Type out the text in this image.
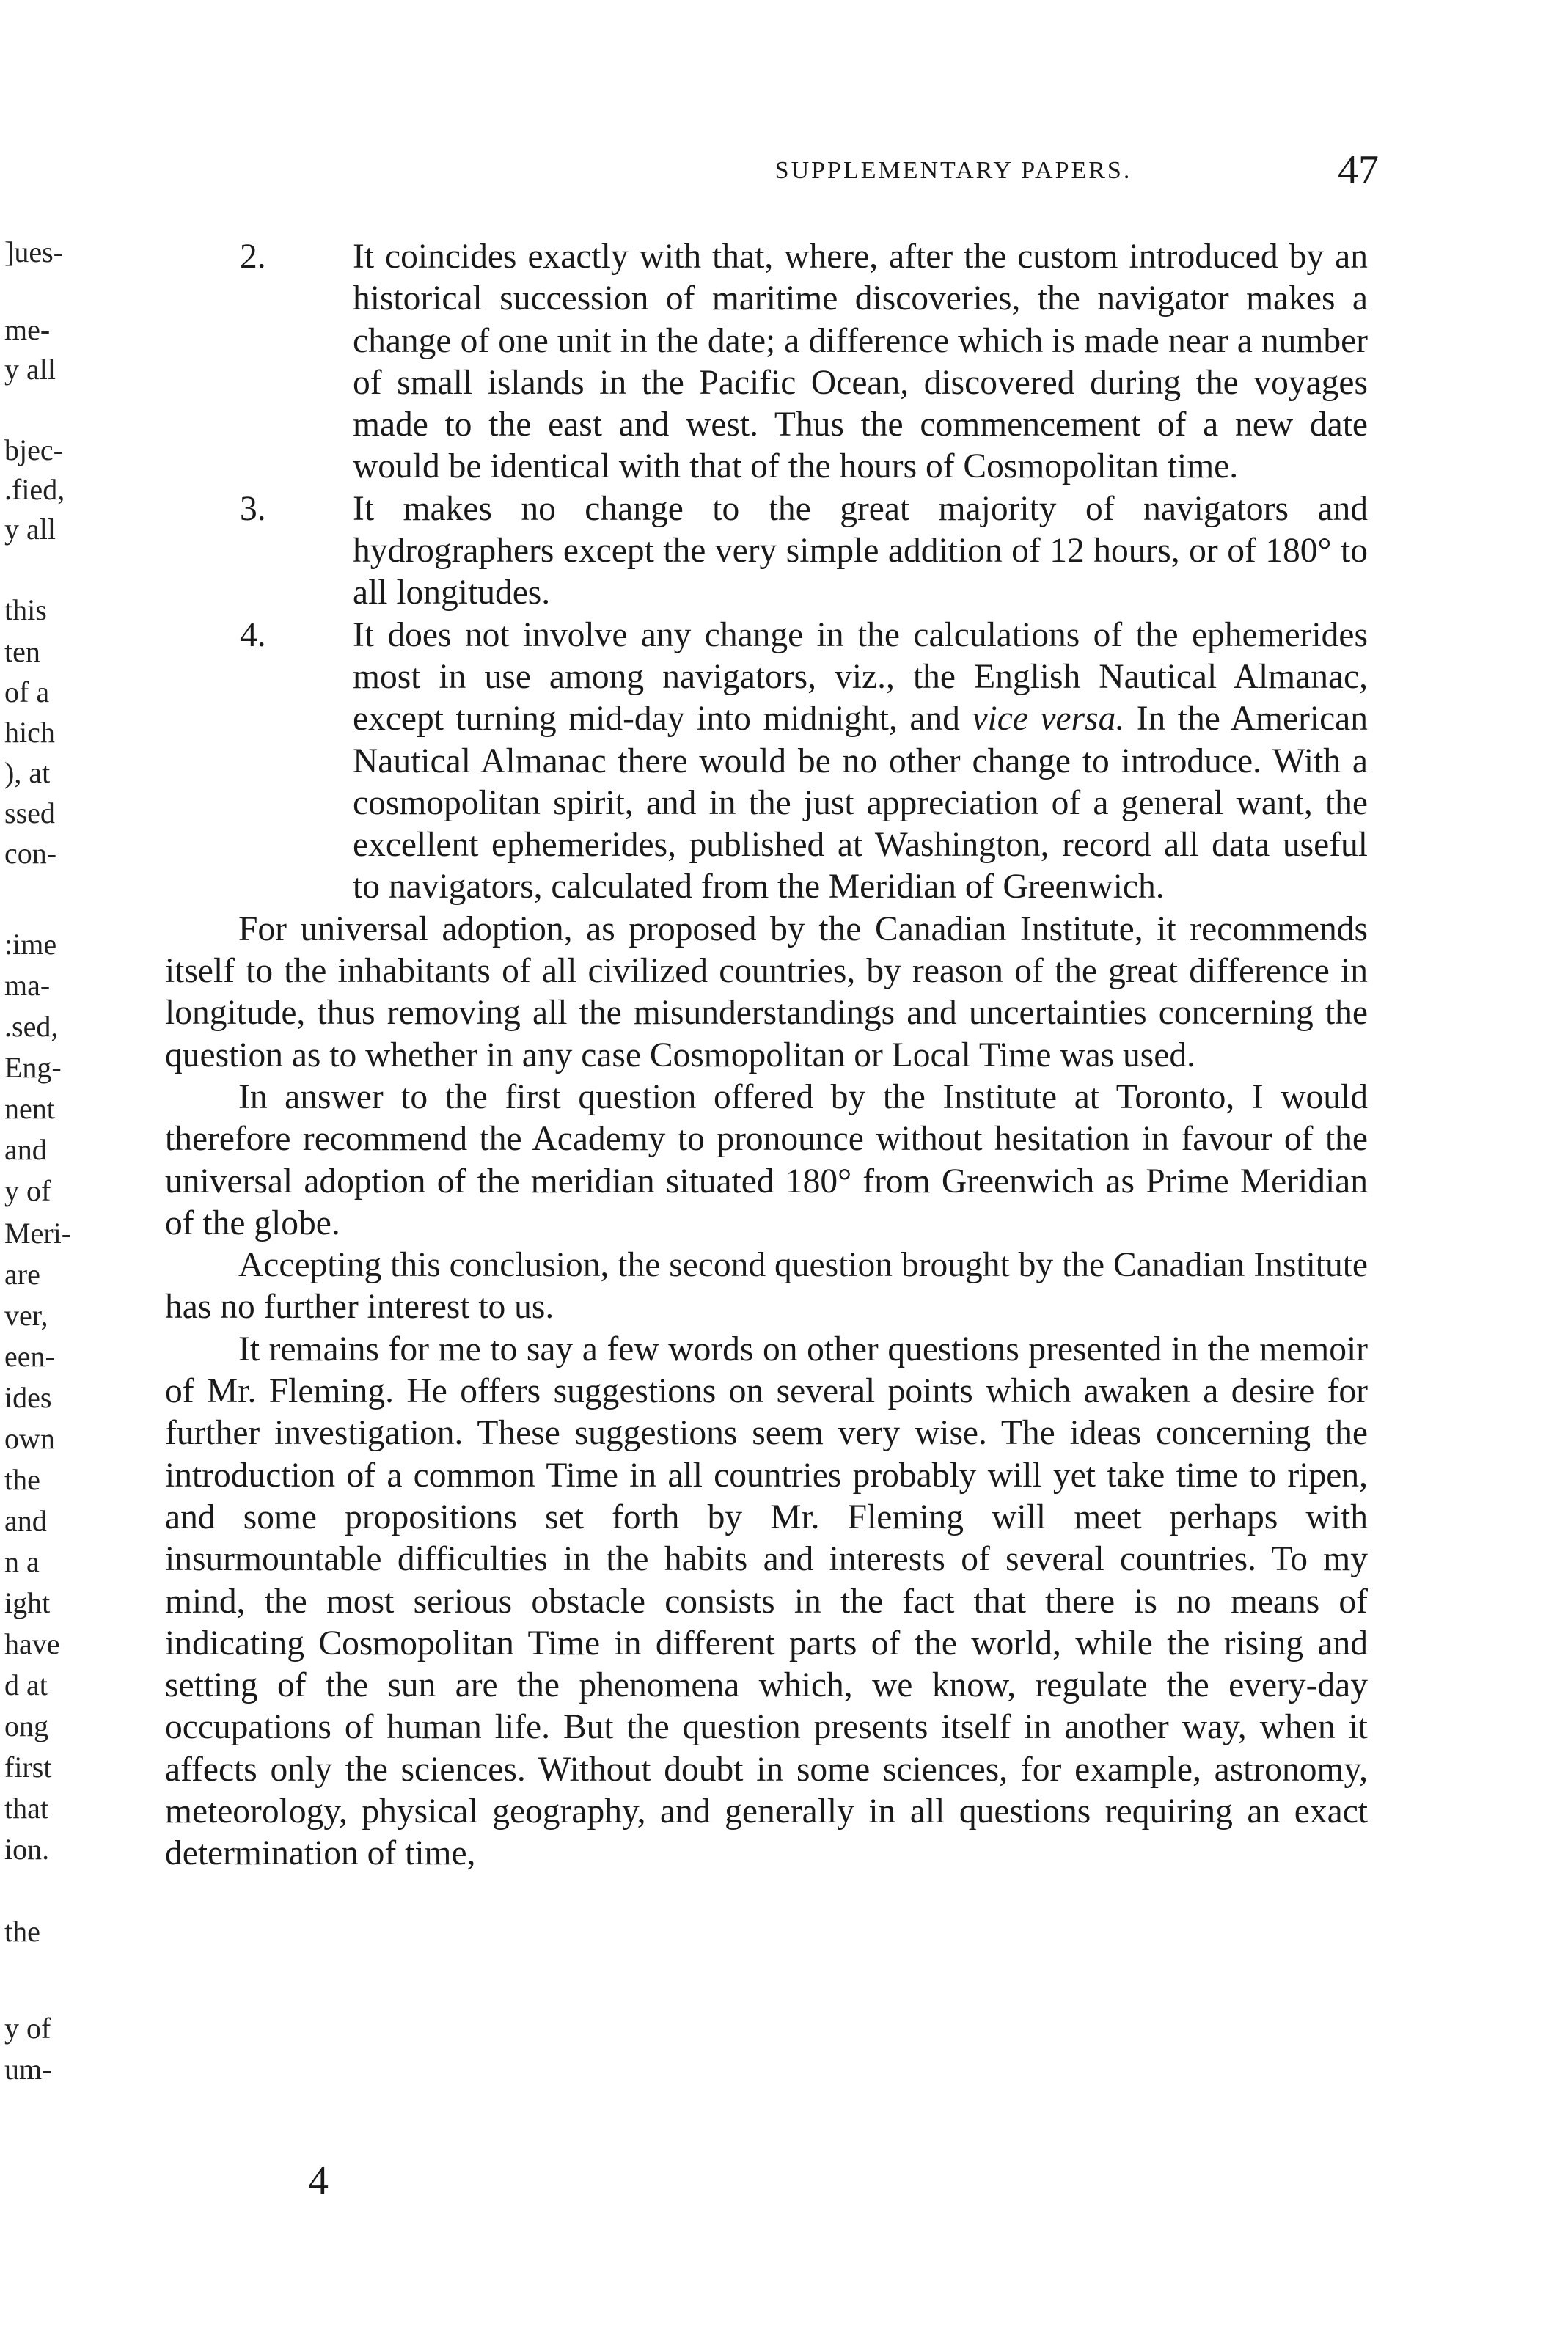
SUPPLEMENTARY PAPERS.	47
]ues-
me-
y all
bjec-
.fied,
y all
this
ten
of a
hich
), at
ssed
con-
:ime
ma-
.sed,
Eng-
nent
and
y of
Meri-
are
ver,
een-
ides
own
the
and
n a
ight
have
d at
ong
first
that
ion.
the
y of
um-
2. It coincides exactly with that, where, after the custom introduced by an historical succession of maritime discoveries, the navigator makes a change of one unit in the date; a difference which is made near a number of small islands in the Pacific Ocean, discovered during the voyages made to the east and west. Thus the commencement of a new date would be identical with that of the hours of Cosmopolitan time.
3. It makes no change to the great majority of navigators and hydrographers except the very simple addition of 12 hours, or of 180° to all longitudes.
4. It does not involve any change in the calculations of the ephemerides most in use among navigators, viz., the English Nautical Almanac, except turning mid-day into midnight, and vice versa. In the American Nautical Almanac there would be no other change to introduce. With a cosmopolitan spirit, and in the just appreciation of a general want, the excellent ephemerides, published at Washington, record all data useful to navigators, calculated from the Meridian of Greenwich.

For universal adoption, as proposed by the Canadian Institute, it recommends itself to the inhabitants of all civilized countries, by reason of the great difference in longitude, thus removing all the misunderstandings and uncertainties concerning the question as to whether in any case Cosmopolitan or Local Time was used.

In answer to the first question offered by the Institute at Toronto, I would therefore recommend the Academy to pronounce without hesitation in favour of the universal adoption of the meridian situated 180° from Greenwich as Prime Meridian of the globe.

Accepting this conclusion, the second question brought by the Canadian Institute has no further interest to us.

It remains for me to say a few words on other questions presented in the memoir of Mr. Fleming. He offers suggestions on several points which awaken a desire for further investigation. These suggestions seem very wise. The ideas concerning the introduction of a common Time in all countries probably will yet take time to ripen, and some propositions set forth by Mr. Fleming will meet perhaps with insurmountable difficulties in the habits and interests of several countries. To my mind, the most serious obstacle consists in the fact that there is no means of indicating Cosmopolitan Time in different parts of the world, while the rising and setting of the sun are the phenomena which, we know, regulate the every-day occupations of human life. But the question presents itself in another way, when it affects only the sciences. Without doubt in some sciences, for example, astronomy, meteorology, physical geography, and generally in all questions requiring an exact determination of time,

4
